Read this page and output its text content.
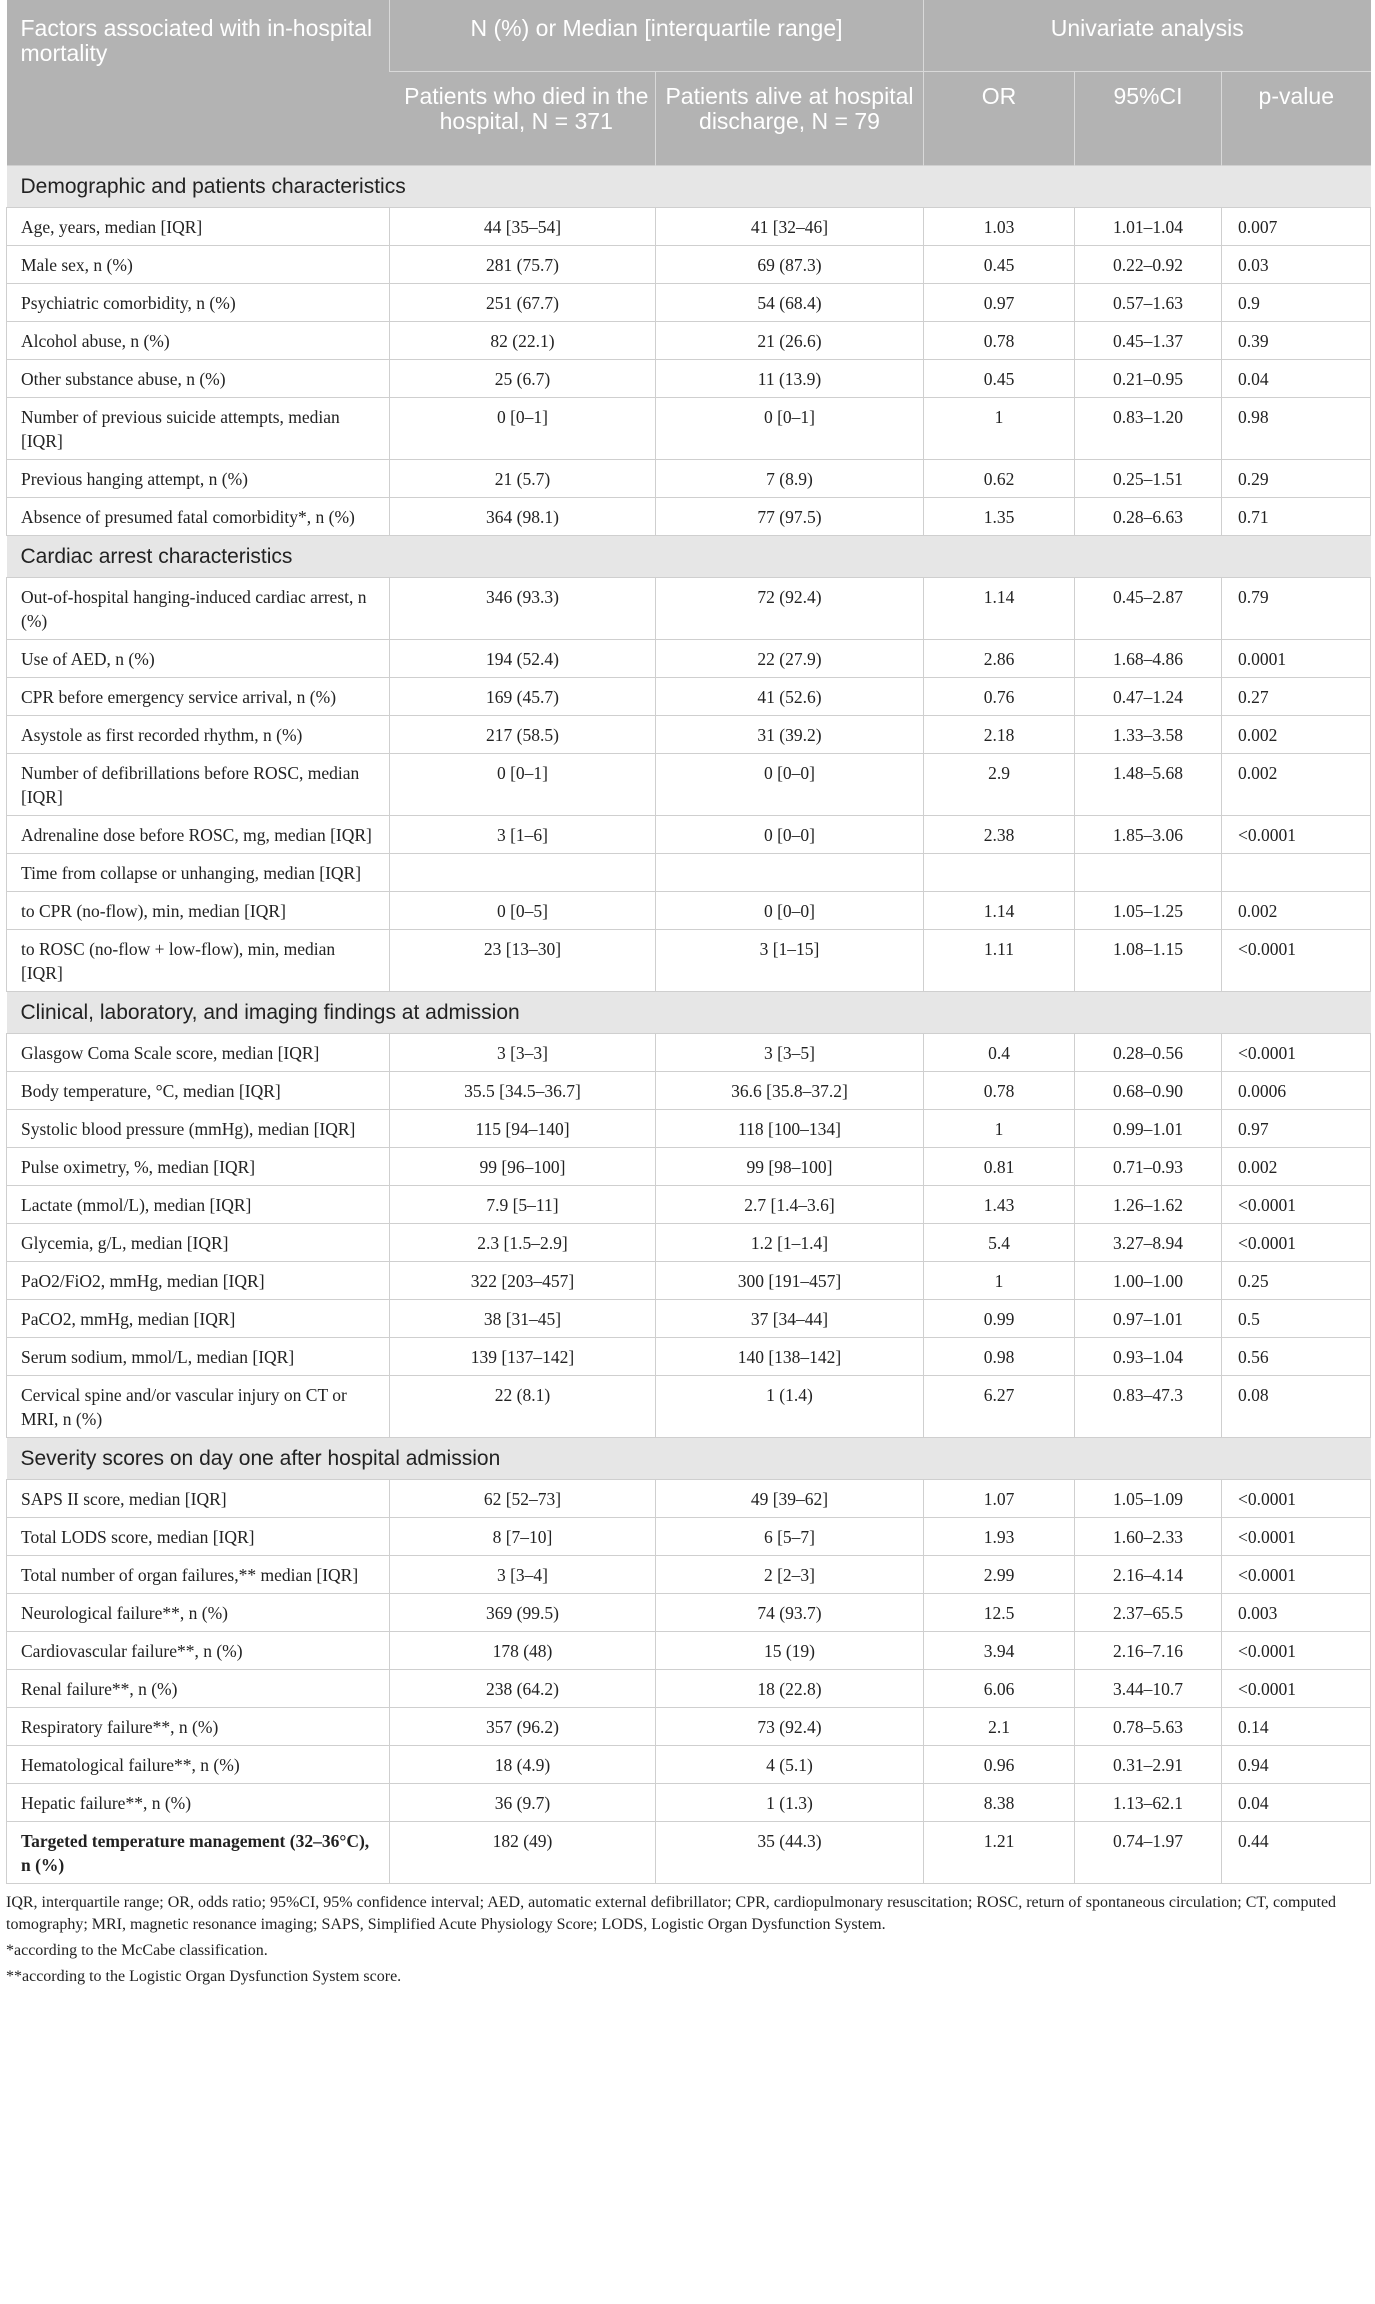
Factors associated with in-hospital mortality	N (%) or Median [interquartile range]		Univariate analysis		
	Patients who died in the hospital, N = 371	Patients alive at hospital discharge, N = 79	OR	95%CI	p-value
Demographic and patients characteristics					
Age, years, median [IQR]	44 [35–54]	41 [32–46]	1.03	1.01–1.04	0.007
Male sex, n (%)	281 (75.7)	69 (87.3)	0.45	0.22–0.92	0.03
Psychiatric comorbidity, n (%)	251 (67.7)	54 (68.4)	0.97	0.57–1.63	0.9
Alcohol abuse, n (%)	82 (22.1)	21 (26.6)	0.78	0.45–1.37	0.39
Other substance abuse, n (%)	25 (6.7)	11 (13.9)	0.45	0.21–0.95	0.04
Number of previous suicide attempts, median [IQR]	0 [0–1]	0 [0–1]	1	0.83–1.20	0.98
Previous hanging attempt, n (%)	21 (5.7)	7 (8.9)	0.62	0.25–1.51	0.29
Absence of presumed fatal comorbidity*, n (%)	364 (98.1)	77 (97.5)	1.35	0.28–6.63	0.71
Cardiac arrest characteristics					
Out-of-hospital hanging-induced cardiac arrest, n (%)	346 (93.3)	72 (92.4)	1.14	0.45–2.87	0.79
Use of AED, n (%)	194 (52.4)	22 (27.9)	2.86	1.68–4.86	0.0001
CPR before emergency service arrival, n (%)	169 (45.7)	41 (52.6)	0.76	0.47–1.24	0.27
Asystole as first recorded rhythm, n (%)	217 (58.5)	31 (39.2)	2.18	1.33–3.58	0.002
Number of defibrillations before ROSC, median [IQR]	0 [0–1]	0 [0–0]	2.9	1.48–5.68	0.002
Adrenaline dose before ROSC, mg, median [IQR]	3 [1–6]	0 [0–0]	2.38	1.85–3.06	<0.0001
Time from collapse or unhanging, median [IQR]					
to CPR (no-flow), min, median [IQR]	0 [0–5]	0 [0–0]	1.14	1.05–1.25	0.002
to ROSC (no-flow + low-flow), min, median [IQR]	23 [13–30]	3 [1–15]	1.11	1.08–1.15	<0.0001
Clinical, laboratory, and imaging findings at admission					
Glasgow Coma Scale score, median [IQR]	3 [3–3]	3 [3–5]	0.4	0.28–0.56	<0.0001
Body temperature, °C, median [IQR]	35.5 [34.5–36.7]	36.6 [35.8–37.2]	0.78	0.68–0.90	0.0006
Systolic blood pressure (mmHg), median [IQR]	115 [94–140]	118 [100–134]	1	0.99–1.01	0.97
Pulse oximetry, %, median [IQR]	99 [96–100]	99 [98–100]	0.81	0.71–0.93	0.002
Lactate (mmol/L), median [IQR]	7.9 [5–11]	2.7 [1.4–3.6]	1.43	1.26–1.62	<0.0001
Glycemia, g/L, median [IQR]	2.3 [1.5–2.9]	1.2 [1–1.4]	5.4	3.27–8.94	<0.0001
PaO2/FiO2, mmHg, median [IQR]	322 [203–457]	300 [191–457]	1	1.00–1.00	0.25
PaCO2, mmHg, median [IQR]	38 [31–45]	37 [34–44]	0.99	0.97–1.01	0.5
Serum sodium, mmol/L, median [IQR]	139 [137–142]	140 [138–142]	0.98	0.93–1.04	0.56
Cervical spine and/or vascular injury on CT or MRI, n (%)	22 (8.1)	1 (1.4)	6.27	0.83–47.3	0.08
Severity scores on day one after hospital admission					
SAPS II score, median [IQR]	62 [52–73]	49 [39–62]	1.07	1.05–1.09	<0.0001
Total LODS score, median [IQR]	8 [7–10]	6 [5–7]	1.93	1.60–2.33	<0.0001
Total number of organ failures,** median [IQR]	3 [3–4]	2 [2–3]	2.99	2.16–4.14	<0.0001
Neurological failure**, n (%)	369 (99.5)	74 (93.7)	12.5	2.37–65.5	0.003
Cardiovascular failure**, n (%)	178 (48)	15 (19)	3.94	2.16–7.16	<0.0001
Renal failure**, n (%)	238 (64.2)	18 (22.8)	6.06	3.44–10.7	<0.0001
Respiratory failure**, n (%)	357 (96.2)	73 (92.4)	2.1	0.78–5.63	0.14
Hematological failure**, n (%)	18 (4.9)	4 (5.1)	0.96	0.31–2.91	0.94
Hepatic failure**, n (%)	36 (9.7)	1 (1.3)	8.38	1.13–62.1	0.04
Targeted temperature management (32–36°C), n (%)	182 (49)	35 (44.3)	1.21	0.74–1.97	0.44

IQR, interquartile range; OR, odds ratio; 95%CI, 95% confidence interval; AED, automatic external defibrillator; CPR, cardiopulmonary resuscitation; ROSC, return of spontaneous circulation; CT, computed tomography; MRI, magnetic resonance imaging; SAPS, Simplified Acute Physiology Score; LODS, Logistic Organ Dysfunction System.

*according to the McCabe classification.

**according to the Logistic Organ Dysfunction System score.
